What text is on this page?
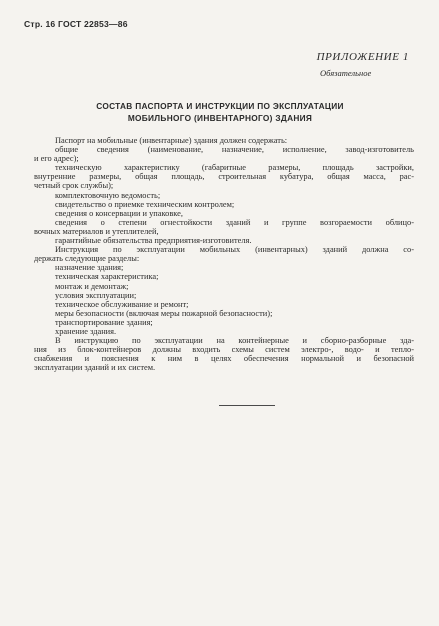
Стр. 16 ГОСТ 22853—86
ПРИЛОЖЕНИЕ 1
Обязательное
СОСТАВ ПАСПОРТА И ИНСТРУКЦИИ ПО ЭКСПЛУАТАЦИИ
МОБИЛЬНОГО (ИНВЕНТАРНОГО) ЗДАНИЯ
Паспорт на мобильные (инвентарные) здания должен содержать:
общие сведения (наименование, назначение, исполнение, завод-изготовитель
и его адрес);
техническую характеристику (габаритные размеры, площадь застройки,
внутренние размеры, общая площадь, строительная кубатура, общая масса, рас-
четный срок службы);
комплектовочную ведомость;
свидетельство о приемке техническим контролем;
сведения о консервации и упаковке,
сведения о степени огнестойкости зданий и группе возгораемости облицо-
вочных материалов и утеплителей,
гарантийные обязательства предприятия-изготовителя.
Инструкция по эксплуатации мобильных (инвентарных) зданий должна со-
держать следующие разделы:
назначение здания;
техническая характеристика;
монтаж и демонтаж;
условия эксплуатации;
техническое обслуживание и ремонт;
меры безопасности (включая меры пожарной безопасности);
транспортирование здания;
хранение здания.
В инструкцию по эксплуатации на контейнерные и сборно-разборные зда-
ния из блок-контейнеров должны входить схемы систем электро-, водо- и тепло-
снабжения и пояснения к ним в целях обеспечения нормальной и безопасной
эксплуатации зданий и их систем.
